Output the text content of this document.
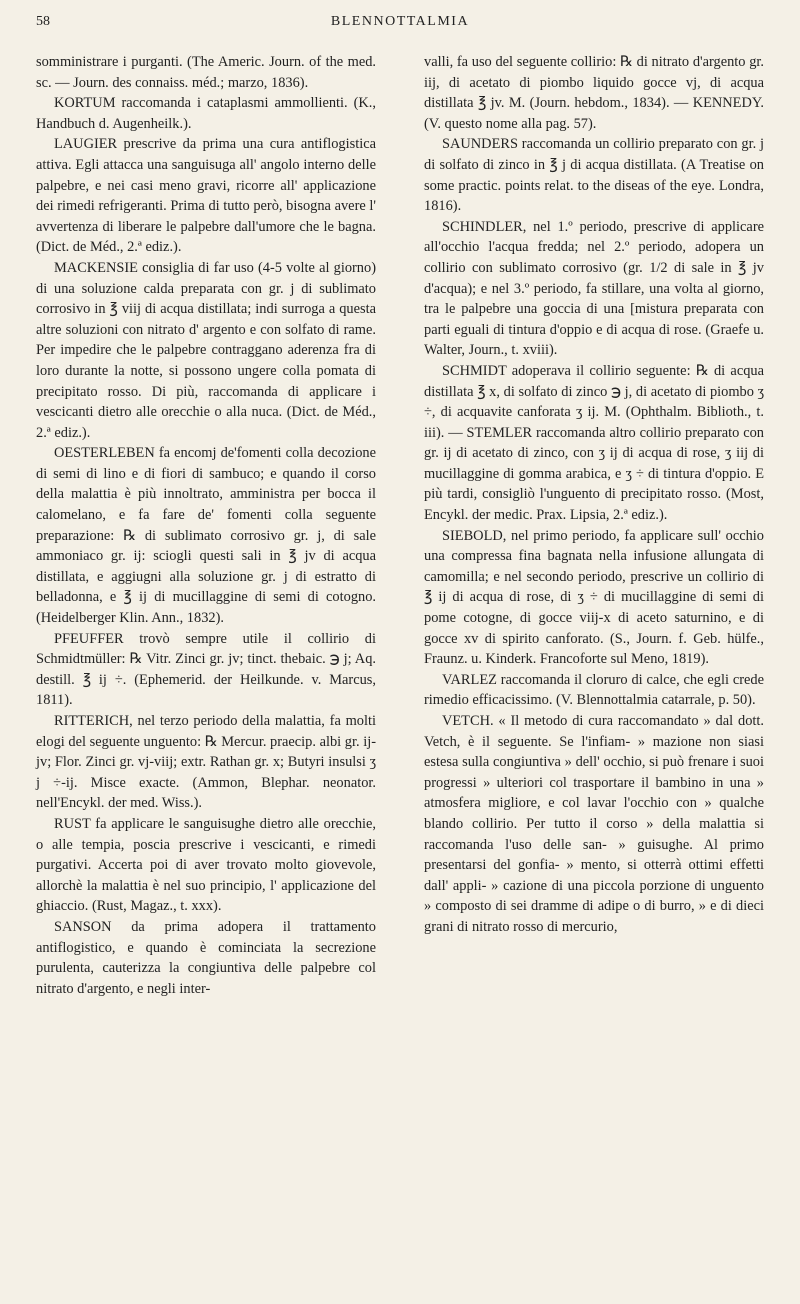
58	BLENNOTTALMIA

somministrare i purganti. (The Americ. Journ. of the med. sc. — Journ. des connaiss. méd.; marzo, 1836).

KORTUM raccomanda i cataplasmi ammollienti. (K., Handbuch d. Augenheilk.).

LAUGIER prescrive da prima una cura antiflogistica attiva. Egli attacca una sanguisuga all' angolo interno delle palpebre, e nei casi meno gravi, ricorre all' applicazione dei rimedi refrigeranti. Prima di tutto però, bisogna avere l' avvertenza di liberare le palpebre dall'umore che le bagna. (Dict. de Méd., 2.ª ediz.).

MACKENSIE consiglia di far uso (4-5 volte al giorno) di una soluzione calda preparata con gr. j di sublimato corrosivo in ℥ viij di acqua distillata; indi surroga a questa altre soluzioni con nitrato d' argento e con solfato di rame. Per impedire che le palpebre contraggano aderenza fra di loro durante la notte, si possono ungere colla pomata di precipitato rosso. Di più, raccomanda di applicare i vescicanti dietro alle orecchie o alla nuca. (Dict. de Méd., 2.ª ediz.).

OESTERLEBEN fa encomj de'fomenti colla decozione di semi di lino e di fiori di sambuco; e quando il corso della malattia è più innoltrato, amministra per bocca il calomelano, e fa fare de' fomenti colla seguente preparazione: ℞ di sublimato corrosivo gr. j, di sale ammoniaco gr. ij: sciogli questi sali in ℥ jv di acqua distillata, e aggiugni alla soluzione gr. j di estratto di belladonna, e ℥ ij di mucillaggine di semi di cotogno. (Heidelberger Klin. Ann., 1832).

PFEUFFER trovò sempre utile il collirio di Schmidtmüller: ℞ Vitr. Zinci gr. jv; tinct. thebaic. ℈ j; Aq. destill. ℥ ij ÷. (Ephemerid. der Heilkunde. v. Marcus, 1811).

RITTERICH, nel terzo periodo della malattia, fa molti elogi del seguente unguento: ℞ Mercur. praecip. albi gr. ij-jv; Flor. Zinci gr. vj-viij; extr. Rathan gr. x; Butyri insulsi ʒ j ÷-ij. Misce exacte. (Ammon, Blephar. neonator. nell'Encykl. der med. Wiss.).

RUST fa applicare le sanguisughe dietro alle orecchie, o alle tempia, poscia prescrive i vescicanti, e rimedi purgativi. Accerta poi di aver trovato molto giovevole, allorchè la malattia è nel suo principio, l' applicazione del ghiaccio. (Rust, Magaz., t. xxx).

SANSON da prima adopera il trattamento antiflogistico, e quando è cominciata la secrezione purulenta, cauterizza la congiuntiva delle palpebre col nitrato d'argento, e negli inter-

valli, fa uso del seguente collirio: ℞ di nitrato d'argento gr. iij, di acetato di piombo liquido gocce vj, di acqua distillata ℥ jv. M. (Journ. hebdom., 1834). — KENNEDY. (V. questo nome alla pag. 57).

SAUNDERS raccomanda un collirio preparato con gr. j di solfato di zinco in ℥ j di acqua distillata. (A Treatise on some practic. points relat. to the diseas of the eye. Londra, 1816).

SCHINDLER, nel 1.º periodo, prescrive di applicare all'occhio l'acqua fredda; nel 2.º periodo, adopera un collirio con sublimato corrosivo (gr. 1/2 di sale in ℥ jv d'acqua); e nel 3.º periodo, fa stillare, una volta al giorno, tra le palpebre una goccia di una [mistura preparata con parti eguali di tintura d'oppio e di acqua di rose. (Graefe u. Walter, Journ., t. xviii).

SCHMIDT adoperava il collirio seguente: ℞ di acqua distillata ℥ x, di solfato di zinco ℈ j, di acetato di piombo ʒ ÷, di acquavite canforata ʒ ij. M. (Ophthalm. Biblioth., t. iii). — STEMLER raccomanda altro collirio preparato con gr. ij di acetato di zinco, con ʒ ij di acqua di rose, ʒ iij di mucillaggine di gomma arabica, e ʒ ÷ di tintura d'oppio. E più tardi, consigliò l'unguento di precipitato rosso. (Most, Encykl. der medic. Prax. Lipsia, 2.ª ediz.).

SIEBOLD, nel primo periodo, fa applicare sull' occhio una compressa fina bagnata nella infusione allungata di camomilla; e nel secondo periodo, prescrive un collirio di ℥ ij di acqua di rose, di ʒ ÷ di mucillaggine di semi di pome cotogne, di gocce viij-x di aceto saturnino, e di gocce xv di spirito canforato. (S., Journ. f. Geb. hülfe., Fraunz. u. Kinderk. Francoforte sul Meno, 1819).

VARLEZ raccomanda il cloruro di calce, che egli crede rimedio efficacissimo. (V. Blennottalmia catarrale, p. 50).

VETCH. « Il metodo di cura raccomandato » dal dott. Vetch, è il seguente. Se l'infiam- » mazione non siasi estesa sulla congiuntiva » dell' occhio, si può frenare i suoi progressi » ulteriori col trasportare il bambino in una » atmosfera migliore, e col lavar l'occhio con » qualche blando collirio. Per tutto il corso » della malattia si raccomanda l'uso delle san- » guisughe. Al primo presentarsi del gonfia- » mento, si otterrà ottimi effetti dall' appli- » cazione di una piccola porzione di unguento » composto di sei dramme di adipe o di burro, » e di dieci grani di nitrato rosso di mercurio,
